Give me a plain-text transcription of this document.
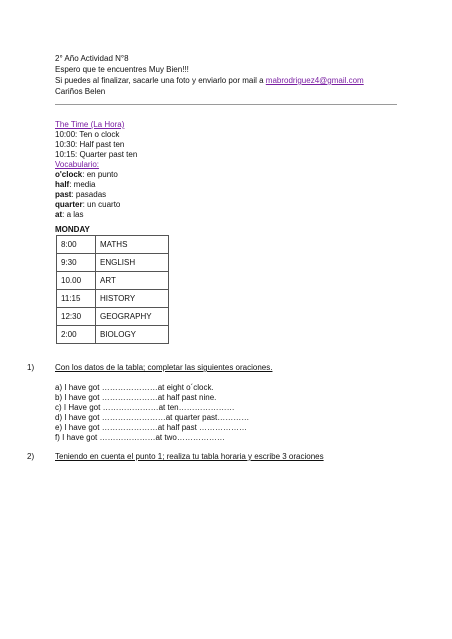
2° Año Actividad N°8
Espero que te encuentres Muy Bien!!!
Si puedes al finalizar, sacarle una foto y enviarlo por mail a mabrodriguez4@gmail.com
Cariños Belen
The Time (La Hora)
10:00: Ten o clock
10:30: Half past ten
10:15: Quarter past ten
Vocabulario:
o'clock: en punto
half: media
past: pasadas
quarter: un cuarto
at: a las
MONDAY
8:00	MATHS
9:30	ENGLISH
10.00	ART
11:15	HISTORY
12:30	GEOGRAPHY
2:00	BIOLOGY
1)	Con los datos de la tabla; completar las siguientes oraciones.
a) I have got …………………at eight o´clock.
b) I have got …………………at half past nine.
c) I Have got …………………at ten…………………
d) I have got ……………………at quarter past…………
e) I have got …………………at half past ………………
f) I have got …………………at two………………
2)	Teniendo en cuenta el punto 1; realiza tu tabla horaria y escribe 3 oraciones
